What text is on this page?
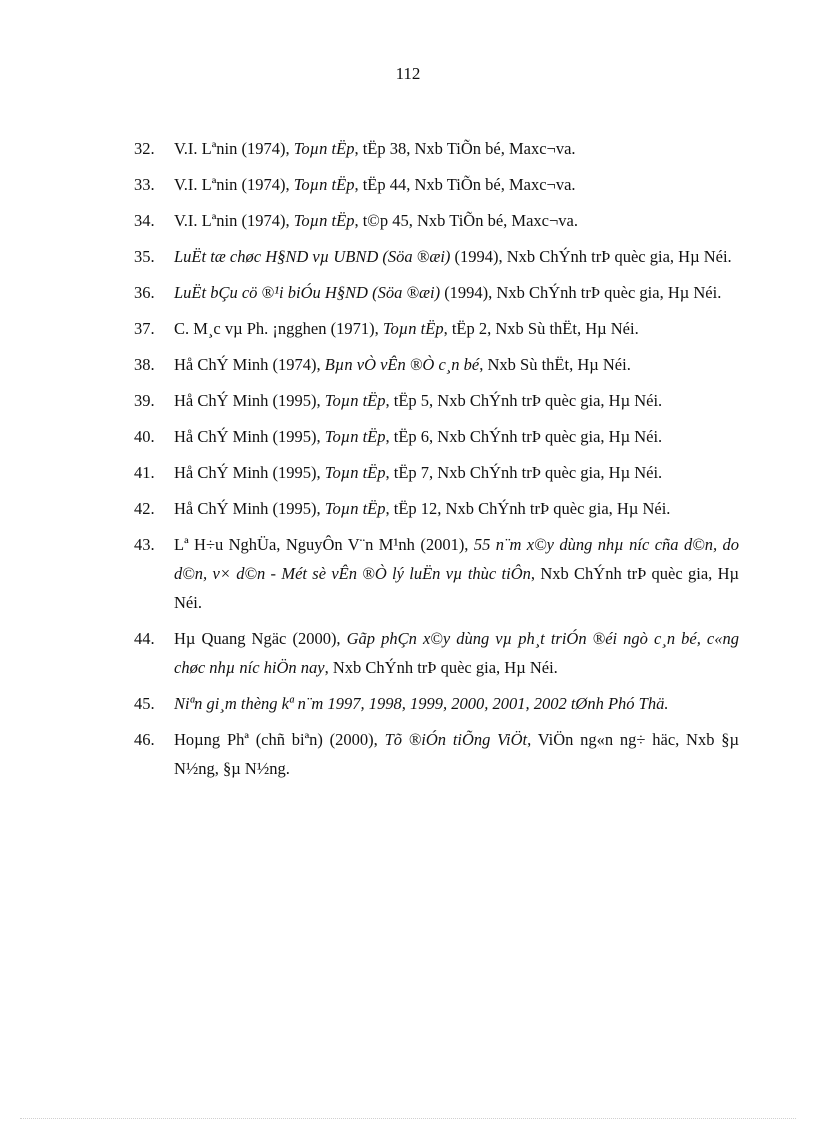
112
32.	V.I. Lªnin (1974), Toµn tËp, tËp 38, Nxb TiÕn bé, Maxc¬va.
33.	V.I. Lªnin (1974), Toµn tËp, tËp 44, Nxb TiÕn bé, Maxc¬va.
34.	V.I. Lªnin (1974), Toµn tËp, t©p 45, Nxb TiÕn bé, Maxc¬va.
35.	LuËt tæ chøc H§ND vµ UBND (Söa ®æi) (1994), Nxb ChÝnh trÞ quèc gia, Hµ Néi.
36.	LuËt bÇu cö ®¹i biÓu H§ND (Söa ®æi) (1994), Nxb ChÝnh trÞ quèc gia, Hµ Néi.
37.	C. M¸c vµ Ph. ¡ngghen (1971), Toµn tËp, tËp 2, Nxb Sù thËt, Hµ Néi.
38.	Hå ChÝ Minh (1974), Bµn vÒ vÊn ®Ò c¸n bé, Nxb Sù thËt, Hµ Néi.
39.	Hå ChÝ Minh (1995), Toµn tËp, tËp 5, Nxb ChÝnh trÞ quèc gia, Hµ Néi.
40.	Hå ChÝ Minh (1995), Toµn tËp, tËp 6, Nxb ChÝnh trÞ quèc gia, Hµ Néi.
41.	Hå ChÝ Minh (1995), Toµn tËp, tËp 7, Nxb ChÝnh trÞ quèc gia, Hµ Néi.
42.	Hå ChÝ Minh (1995), Toµn tËp, tËp 12, Nxb ChÝnh trÞ quèc gia, Hµ Néi.
43.	Lª H÷u NghÜa, NguyÔn V¨n M¹nh (2001), 55 n¨m x©y dùng nhµ níc cña d©n, do d©n, v× d©n - Mét sè vÊn ®Ò lý luËn vµ thùc tiÔn, Nxb ChÝnh trÞ quèc gia, Hµ Néi.
44.	Hµ Quang Ngäc (2000), Gãp phÇn x©y dùng vµ ph¸t triÓn ®éi ngò c¸n bé, c«ng chøc nhµ níc hiÖn nay, Nxb ChÝnh trÞ quèc gia, Hµ Néi.
45.	Niªn gi¸m thèng kª n¨m 1997, 1998, 1999, 2000, 2001, 2002 tØnh Phó Thä.
46.	Hoµng Phª (chñ biªn) (2000), Tõ ®iÓn tiÕng ViÖt, ViÖn ng«n ng÷ häc, Nxb §µ N½ng, §µ N½ng.
